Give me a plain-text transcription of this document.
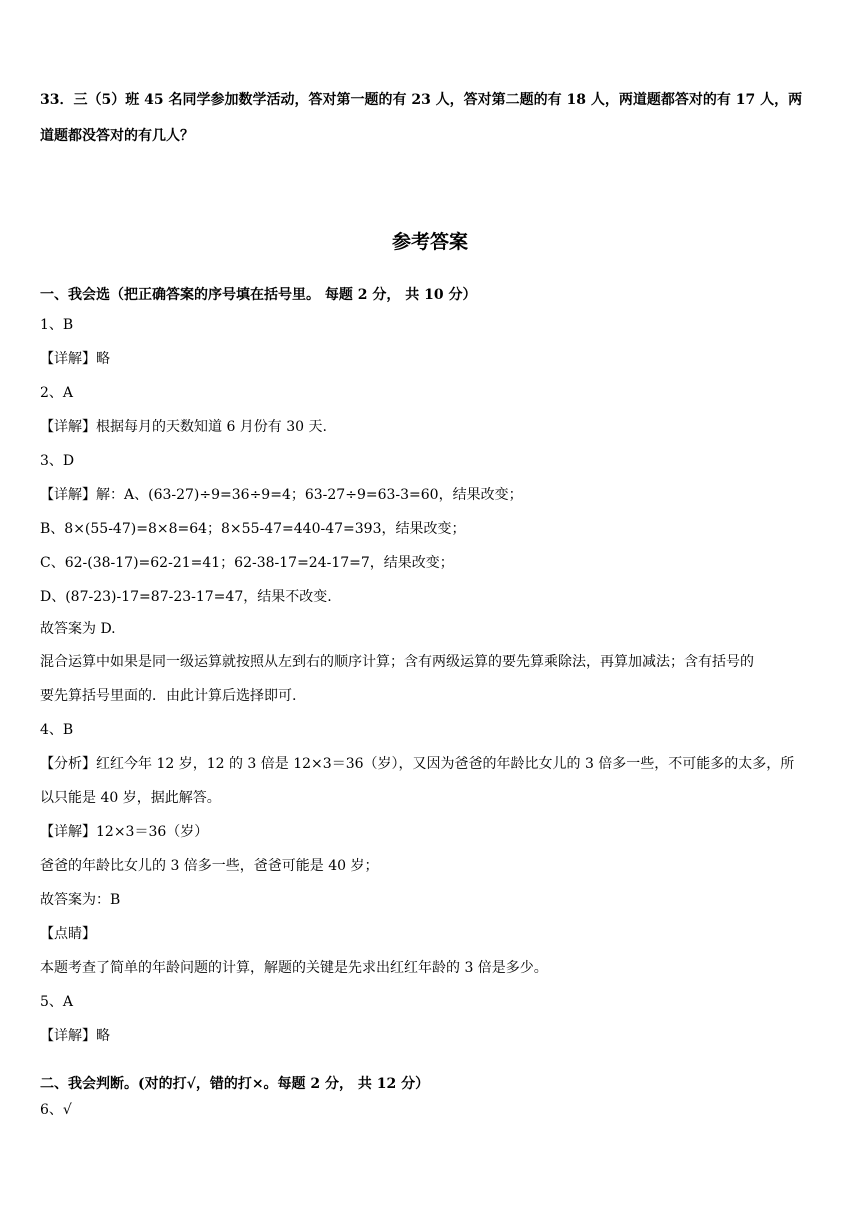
33．三（5）班 45 名同学参加数学活动，答对第一题的有 23 人，答对第二题的有 18 人，两道题都答对的有 17 人，两
道题都没答对的有几人？
参考答案
一、我会选（把正确答案的序号填在括号里。 每题 2 分， 共 10 分）
1、B
【详解】略
2、A
【详解】根据每月的天数知道 6 月份有 30 天.
3、D
【详解】解：A、(63-27)÷9=36÷9=4；63-27÷9=63-3=60，结果改变；
B、8×(55-47)=8×8=64；8×55-47=440-47=393，结果改变；
C、62-(38-17)=62-21=41；62-38-17=24-17=7，结果改变；
D、(87-23)-17=87-23-17=47，结果不改变.
故答案为 D.
混合运算中如果是同一级运算就按照从左到右的顺序计算；含有两级运算的要先算乘除法，再算加减法；含有括号的
要先算括号里面的．由此计算后选择即可.
4、B
【分析】红红今年 12 岁，12 的 3 倍是 12×3＝36（岁），又因为爸爸的年龄比女儿的 3 倍多一些，不可能多的太多，所
以只能是 40 岁，据此解答。
【详解】12×3＝36（岁）
爸爸的年龄比女儿的 3 倍多一些，爸爸可能是 40 岁；
故答案为：B
【点睛】
本题考查了简单的年龄问题的计算，解题的关键是先求出红红年龄的 3 倍是多少。
5、A
【详解】略
二、我会判断。(对的打√，错的打×。每题 2 分， 共 12 分）
6、√
